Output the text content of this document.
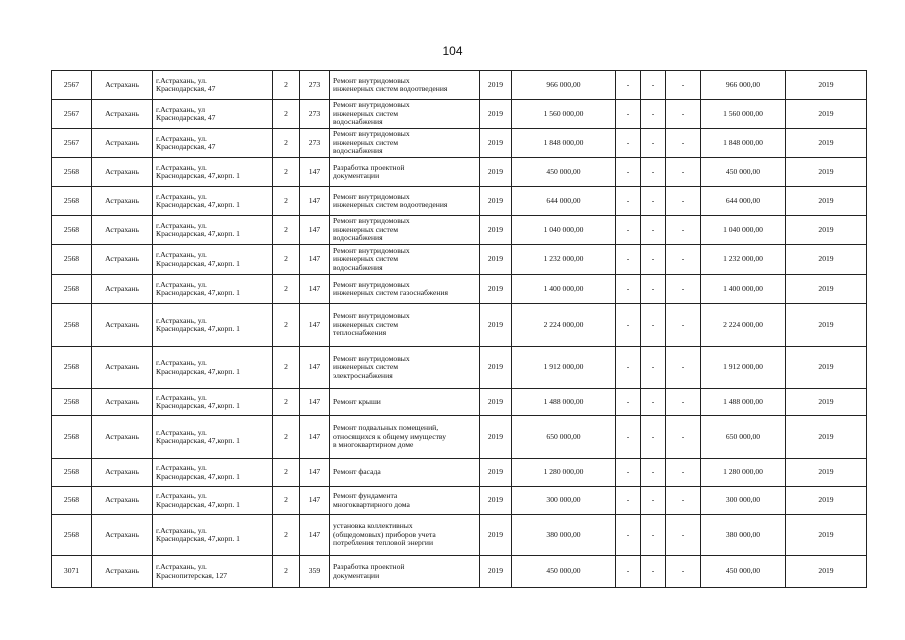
104
2567	Астрахань	г.Астрахань, ул.
Краснодарская, 47	2	273	Ремонт внутридомовых
инженерных систем водоотведения	2019	966 000,00	-	-	-	966 000,00	2019
2567	Астрахань	г.Астрахань, ул
Краснодарская, 47	2	273	Ремонт внутридомовых
инженерных систем
водоснабжения	2019	1 560 000,00	-	-	-	1 560 000,00	2019
2567	Астрахань	г.Астрахань, ул.
Краснодарская, 47	2	273	Ремонт внутридомовых
инженерных систем
водоснабжения	2019	1 848 000,00	-	-	-	1 848 000,00	2019
2568	Астрахань	г.Астрахань, ул.
Краснодарская, 47,корп. 1	2	147	Разработка проектной
документации	2019	450 000,00	-	-	-	450 000,00	2019
2568	Астрахань	г.Астрахань, ул.
Краснодарская, 47,корп. 1	2	147	Ремонт внутридомовых
инженерных систем водоотведения	2019	644 000,00	-	-	-	644 000,00	2019
2568	Астрахань	г.Астрахань, ул.
Краснодарская, 47,корп. 1	2	147	Ремонт внутридомовых
инженерных систем
водоснабжения	2019	1 040 000,00	-	-	-	1 040 000,00	2019
2568	Астрахань	г.Астрахань, ул.
Краснодарская, 47,корп. 1	2	147	Ремонт внутридомовых
инженерных систем
водоснабжения	2019	1 232 000,00	-	-	-	1 232 000,00	2019
2568	Астрахань	г.Астрахань, ул.
Краснодарская, 47,корп. 1	2	147	Ремонт внутридомовых
инженерных систем газоснабжения	2019	1 400 000,00	-	-	-	1 400 000,00	2019
2568	Астрахань	г.Астрахань, ул.
Краснодарская, 47,корп. 1	2	147	Ремонт внутридомовых
инженерных систем
теплоснабжения	2019	2 224 000,00	-	-	-	2 224 000,00	2019
2568	Астрахань	г.Астрахань, ул.
Краснодарская, 47,корп. 1	2	147	Ремонт внутридомовых
инженерных систем
электроснабжения	2019	1 912 000,00	-	-	-	1 912 000,00	2019
2568	Астрахань	г.Астрахань, ул.
Краснодарская, 47,корп. 1	2	147	Ремонт крыши	2019	1 488 000,00	-	-	-	1 488 000,00	2019
2568	Астрахань	г.Астрахань, ул.
Краснодарская, 47,корп. 1	2	147	Ремонт подвальных помещений,
относящихся к общему имуществу
в многоквартирном доме	2019	650 000,00	-	-	-	650 000,00	2019
2568	Астрахань	г.Астрахань, ул.
Краснодарская, 47,корп. 1	2	147	Ремонт фасада	2019	1 280 000,00	-	-	-	1 280 000,00	2019
2568	Астрахань	г.Астрахань, ул.
Краснодарская, 47,корп. 1	2	147	Ремонт фундамента
многоквартирного дома	2019	300 000,00	-	-	-	300 000,00	2019
2568	Астрахань	г.Астрахань, ул.
Краснодарская, 47,корп. 1	2	147	установка коллективных
(общедомовых) приборов учета
потребления тепловой энергии	2019	380 000,00	-	-	-	380 000,00	2019
3071	Астрахань	г.Астрахань, ул.
Краснопитерская, 127	2	359	Разработка проектной
документации	2019	450 000,00	-	-	-	450 000,00	2019
